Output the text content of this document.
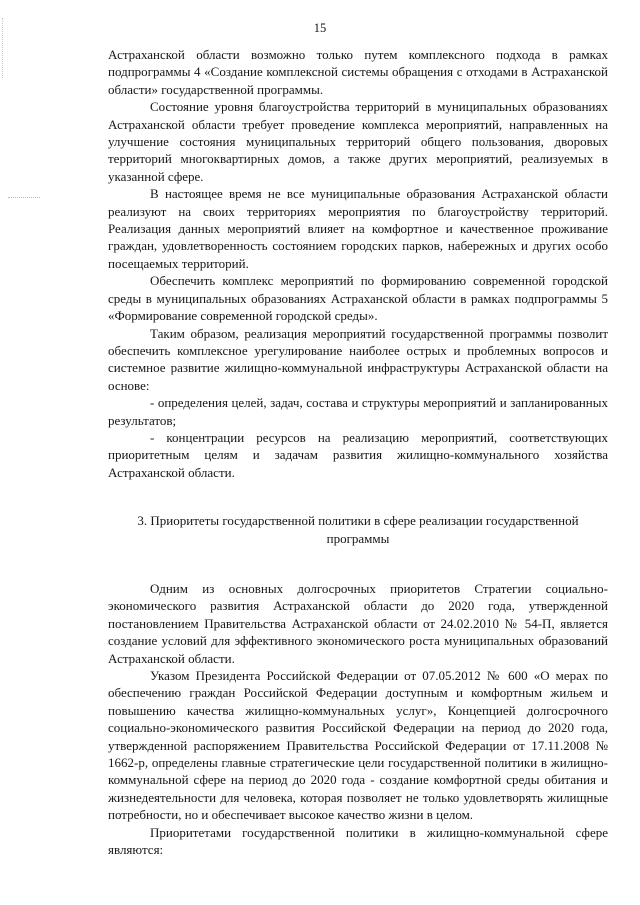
15

Астраханской области возможно только путем комплексного подхода в рамках подпрограммы 4 «Создание комплексной системы обращения с отходами в Астраханской области» государственной программы.

Состояние уровня благоустройства территорий в муниципальных образованиях Астраханской области требует проведение комплекса мероприятий, направленных на улучшение состояния муниципальных территорий общего пользования, дворовых территорий многоквартирных домов, а также других мероприятий, реализуемых в указанной сфере.

В настоящее время не все муниципальные образования Астраханской области реализуют на своих территориях мероприятия по благоустройству территорий. Реализация данных мероприятий влияет на комфортное и качественное проживание граждан, удовлетворенность состоянием городских парков, набережных и других особо посещаемых территорий.

Обеспечить комплекс мероприятий по формированию современной городской среды в муниципальных образованиях Астраханской области в рамках подпрограммы 5 «Формирование современной городской среды».

Таким образом, реализация мероприятий государственной программы позволит обеспечить комплексное урегулирование наиболее острых и проблемных вопросов и системное развитие жилищно-коммунальной инфраструктуры Астраханской области на основе:

- определения целей, задач, состава и структуры мероприятий и запланированных результатов;

- концентрации ресурсов на реализацию мероприятий, соответствующих приоритетным целям и задачам развития жилищно-коммунального хозяйства Астраханской области.

3. Приоритеты государственной политики в сфере реализации государственной программы

Одним из основных долгосрочных приоритетов Стратегии социально-экономического развития Астраханской области до 2020 года, утвержденной постановлением Правительства Астраханской области от 24.02.2010 № 54-П, является создание условий для эффективного экономического роста муниципальных образований Астраханской области.

Указом Президента Российской Федерации от 07.05.2012 № 600 «О мерах по обеспечению граждан Российской Федерации доступным и комфортным жильем и повышению качества жилищно-коммунальных услуг», Концепцией долгосрочного социально-экономического развития Российской Федерации на период до 2020 года, утвержденной распоряжением Правительства Российской Федерации от 17.11.2008 № 1662-р, определены главные стратегические цели государственной политики в жилищно-коммунальной сфере на период до 2020 года - создание комфортной среды обитания и жизнедеятельности для человека, которая позволяет не только удовлетворять жилищные потребности, но и обеспечивает высокое качество жизни в целом.

Приоритетами государственной политики в жилищно-коммунальной сфере являются:
